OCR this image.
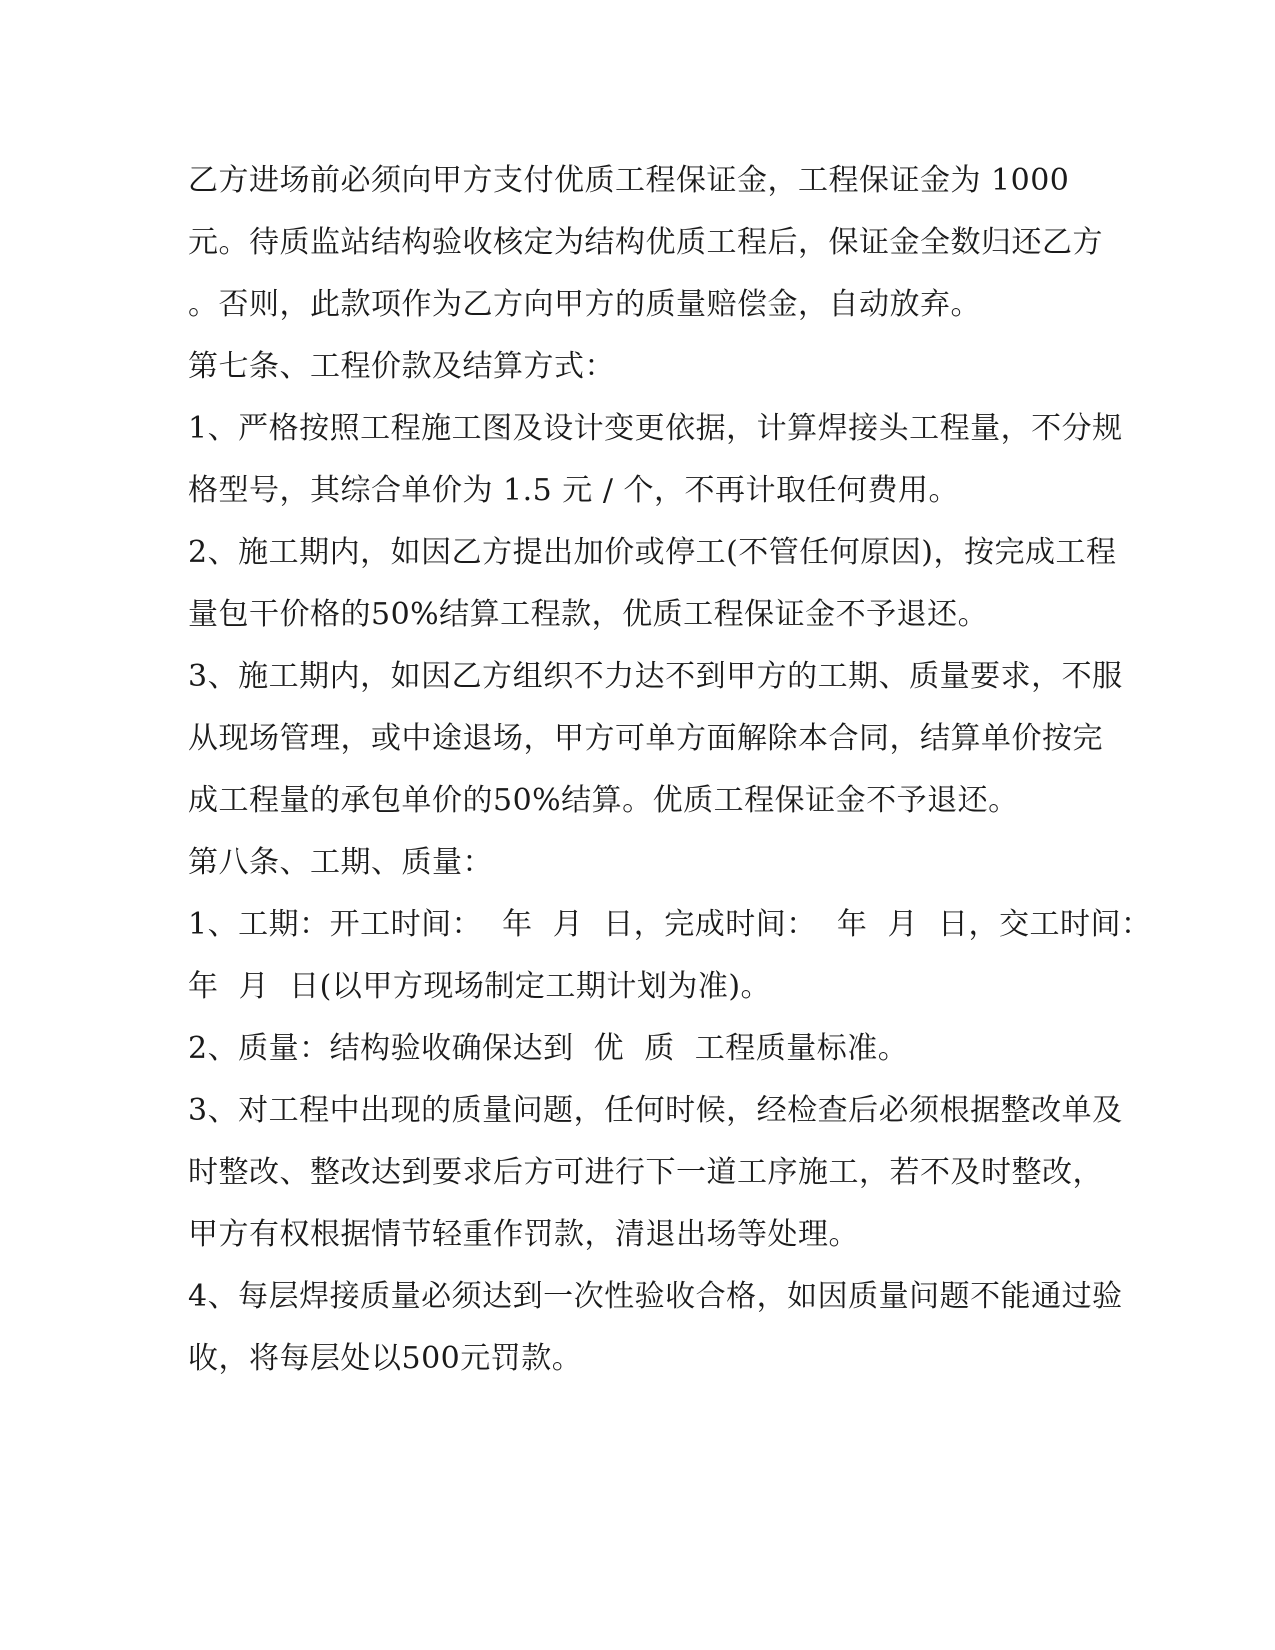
乙方进场前必须向甲方支付优质工程保证金，工程保证金为 1000

元。待质监站结构验收核定为结构优质工程后，保证金全数归还乙方

。否则，此款项作为乙方向甲方的质量赔偿金，自动放弃。

第七条、工程价款及结算方式：

1、严格按照工程施工图及设计变更依据，计算焊接头工程量，不分规

格型号，其综合单价为 1.5 元 / 个，不再计取任何费用。

2、施工期内，如因乙方提出加价或停工(不管任何原因)，按完成工程

量包干价格的50%结算工程款，优质工程保证金不予退还。

3、施工期内，如因乙方组织不力达不到甲方的工期、质量要求，不服

从现场管理，或中途退场，甲方可单方面解除本合同，结算单价按完

成工程量的承包单价的50%结算。优质工程保证金不予退还。

第八条、工期、质量：

1、工期：开工时间：  年  月  日，完成时间：  年  月  日，交工时间：

年  月  日(以甲方现场制定工期计划为准)。

2、质量：结构验收确保达到  优  质  工程质量标准。

3、对工程中出现的质量问题，任何时候，经检查后必须根据整改单及

时整改、整改达到要求后方可进行下一道工序施工，若不及时整改，

甲方有权根据情节轻重作罚款，清退出场等处理。

4、每层焊接质量必须达到一次性验收合格，如因质量问题不能通过验

收，将每层处以500元罚款。
